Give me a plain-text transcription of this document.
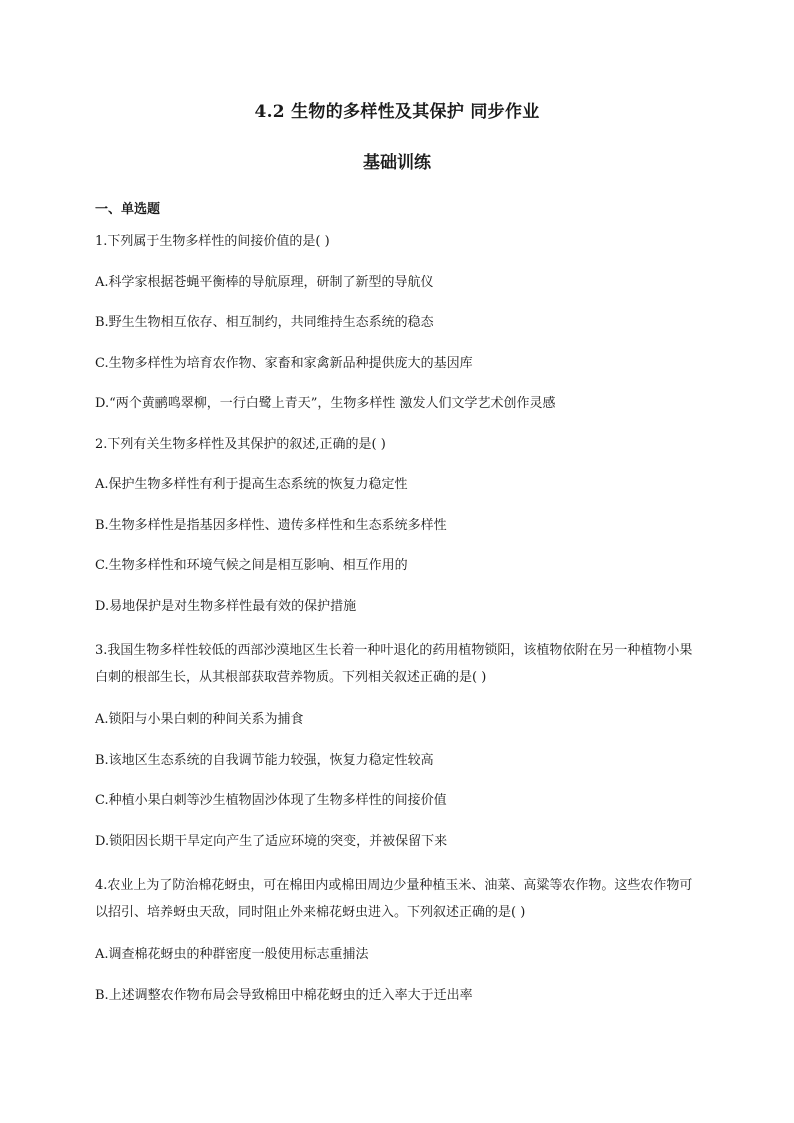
4.2 生物的多样性及其保护 同步作业
基础训练
一、单选题
1.下列属于生物多样性的间接价值的是( )
A.科学家根据苍蝇平衡棒的导航原理，研制了新型的导航仪
B.野生生物相互依存、相互制约，共同维持生态系统的稳态
C.生物多样性为培育农作物、家畜和家禽新品种提供庞大的基因库
D.“两个黄鹂鸣翠柳，一行白鹭上青天”，生物多样性 激发人们文学艺术创作灵感
2.下列有关生物多样性及其保护的叙述,正确的是( )
A.保护生物多样性有利于提高生态系统的恢复力稳定性
B.生物多样性是指基因多样性、遗传多样性和生态系统多样性
C.生物多样性和环境气候之间是相互影响、相互作用的
D.易地保护是对生物多样性最有效的保护措施
3.我国生物多样性较低的西部沙漠地区生长着一种叶退化的药用植物锁阳，该植物依附在另一种植物小果白刺的根部生长，从其根部获取营养物质。下列相关叙述正确的是( )
A.锁阳与小果白刺的种间关系为捕食
B.该地区生态系统的自我调节能力较强，恢复力稳定性较高
C.种植小果白刺等沙生植物固沙体现了生物多样性的间接价值
D.锁阳因长期干旱定向产生了适应环境的突变，并被保留下来
4.农业上为了防治棉花蚜虫，可在棉田内或棉田周边少量种植玉米、油菜、高粱等农作物。这些农作物可以招引、培养蚜虫天敌，同时阻止外来棉花蚜虫进入。下列叙述正确的是( )
A.调查棉花蚜虫的种群密度一般使用标志重捕法
B.上述调整农作物布局会导致棉田中棉花蚜虫的迁入率大于迁出率
